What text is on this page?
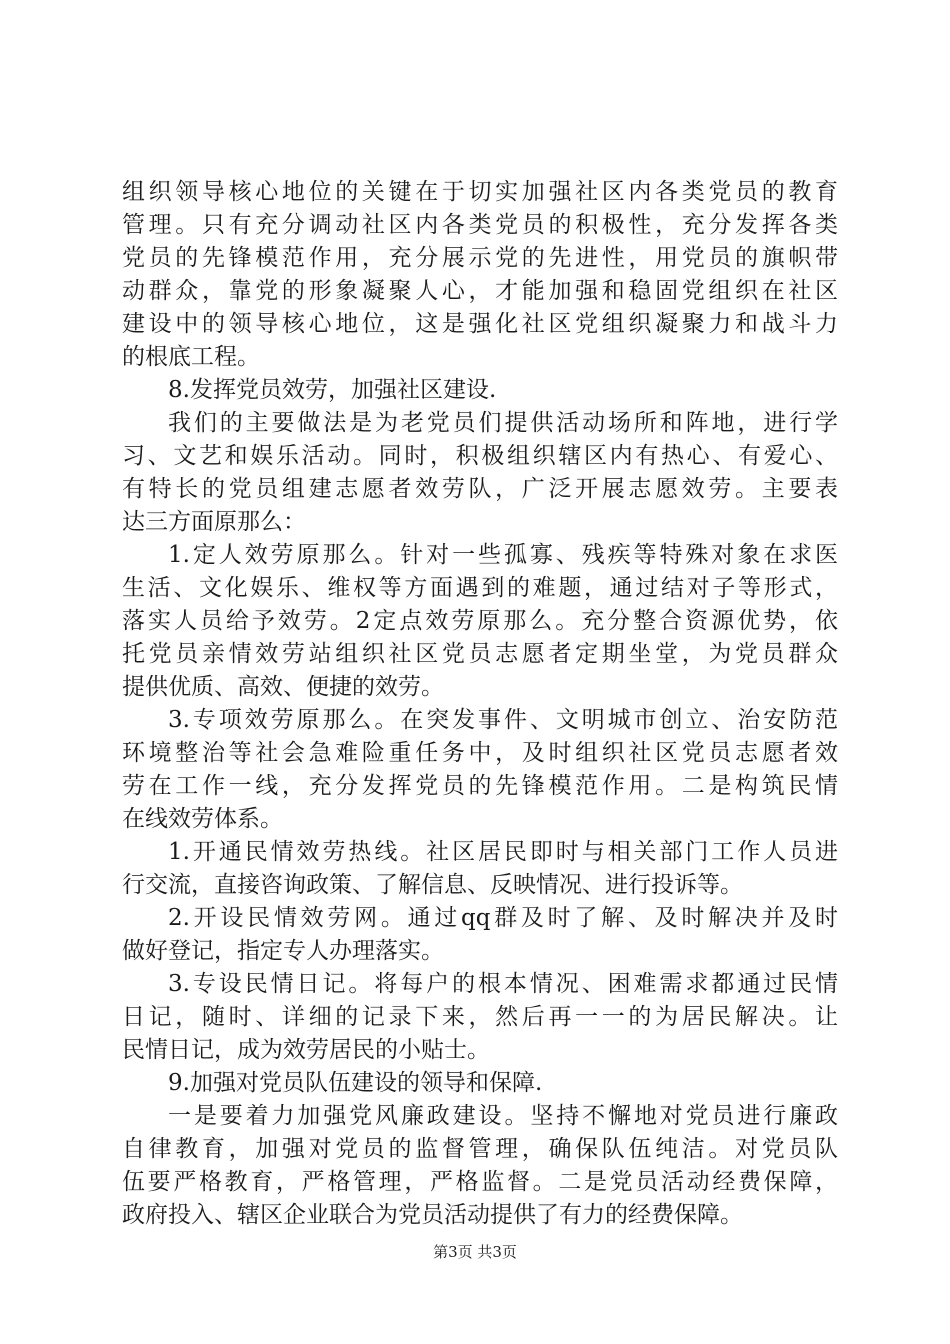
组织领导核心地位的关键在于切实加强社区内各类党员的教育
管理。只有充分调动社区内各类党员的积极性，充分发挥各类
党员的先锋模范作用，充分展示党的先进性，用党员的旗帜带
动群众，靠党的形象凝聚人心，才能加强和稳固党组织在社区
建设中的领导核心地位，这是强化社区党组织凝聚力和战斗力
的根底工程。
8.发挥党员效劳，加强社区建设.
我们的主要做法是为老党员们提供活动场所和阵地，进行学
习、文艺和娱乐活动。同时，积极组织辖区内有热心、有爱心、
有特长的党员组建志愿者效劳队，广泛开展志愿效劳。主要表
达三方面原那么：
1.定人效劳原那么。针对一些孤寡、残疾等特殊对象在求医
生活、文化娱乐、维权等方面遇到的难题，通过结对子等形式，
落实人员给予效劳。2定点效劳原那么。充分整合资源优势，依
托党员亲情效劳站组织社区党员志愿者定期坐堂，为党员群众
提供优质、高效、便捷的效劳。
3.专项效劳原那么。在突发事件、文明城市创立、治安防范
环境整治等社会急难险重任务中，及时组织社区党员志愿者效
劳在工作一线，充分发挥党员的先锋模范作用。二是构筑民情
在线效劳体系。
1.开通民情效劳热线。社区居民即时与相关部门工作人员进
行交流，直接咨询政策、了解信息、反映情况、进行投诉等。
2.开设民情效劳网。通过qq群及时了解、及时解决并及时
做好登记，指定专人办理落实。
3.专设民情日记。将每户的根本情况、困难需求都通过民情
日记，随时、详细的记录下来，然后再一一的为居民解决。让
民情日记，成为效劳居民的小贴士。
9.加强对党员队伍建设的领导和保障.
一是要着力加强党风廉政建设。坚持不懈地对党员进行廉政
自律教育，加强对党员的监督管理，确保队伍纯洁。对党员队
伍要严格教育，严格管理，严格监督。二是党员活动经费保障，
政府投入、辖区企业联合为党员活动提供了有力的经费保障。
第3页 共3页
